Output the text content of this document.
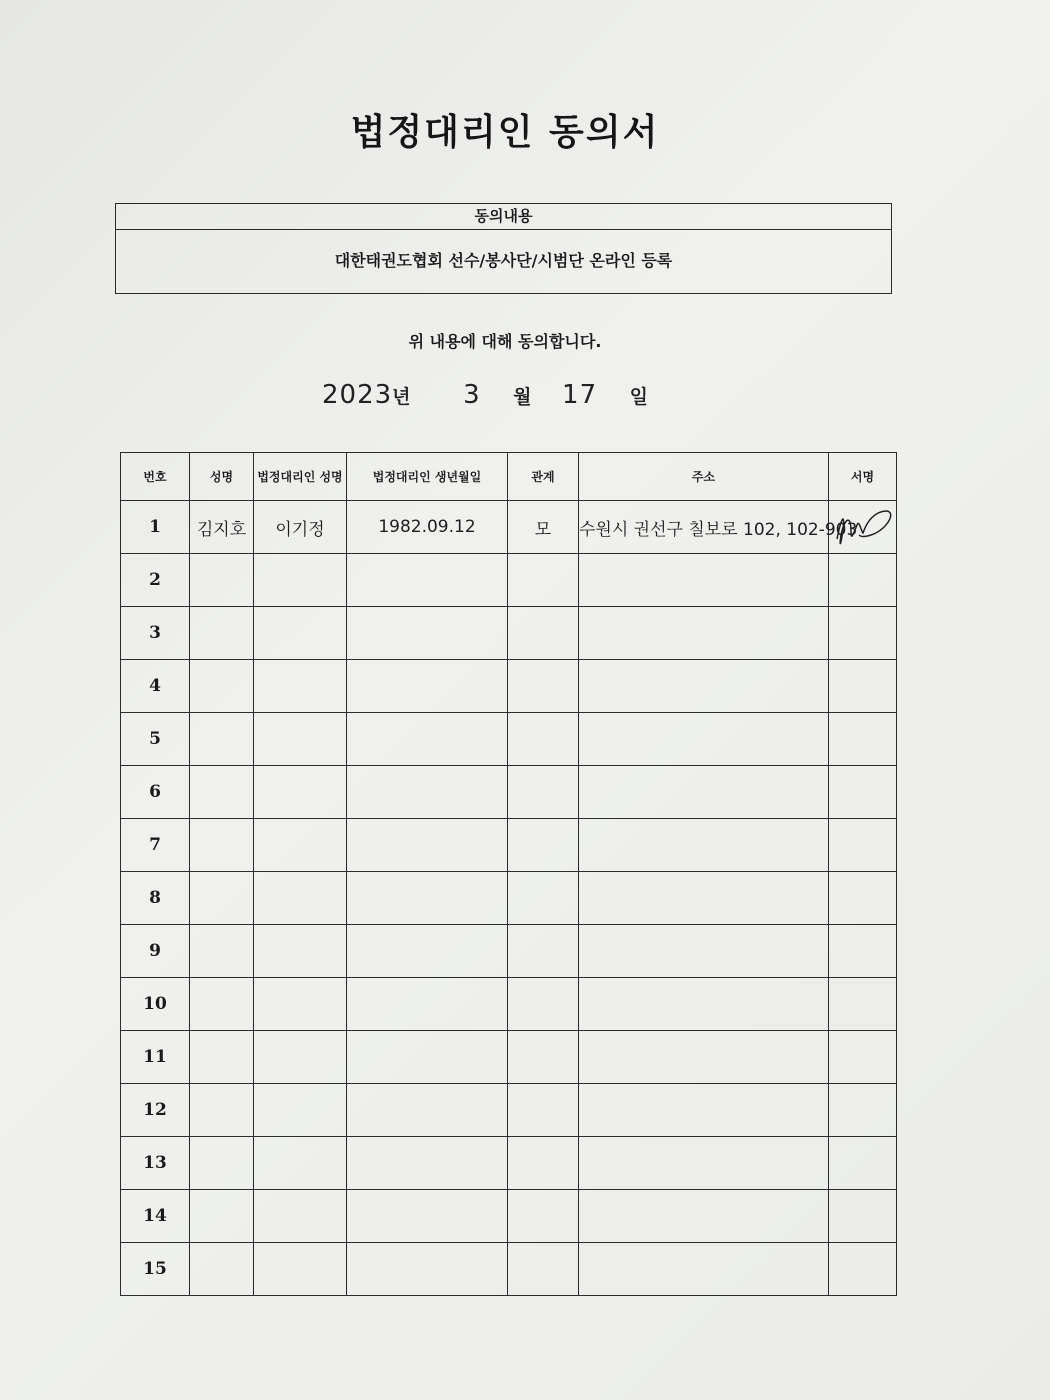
법정대리인 동의서
동의내용
대한태권도협회 선수/봉사단/시범단 온라인 등록
위 내용에 대해 동의합니다.
2023년 3 월 17 일
번호	성명	법정대리인 성명	법정대리인 생년월일	관계	주소	서명
1	김지호	이기정	1982.09.12	모	수원시 권선구 칠보로 102, 102-903	

2						
3						
4						
5						
6						
7						
8						
9						
10						
11						
12						
13						
14						
15						
